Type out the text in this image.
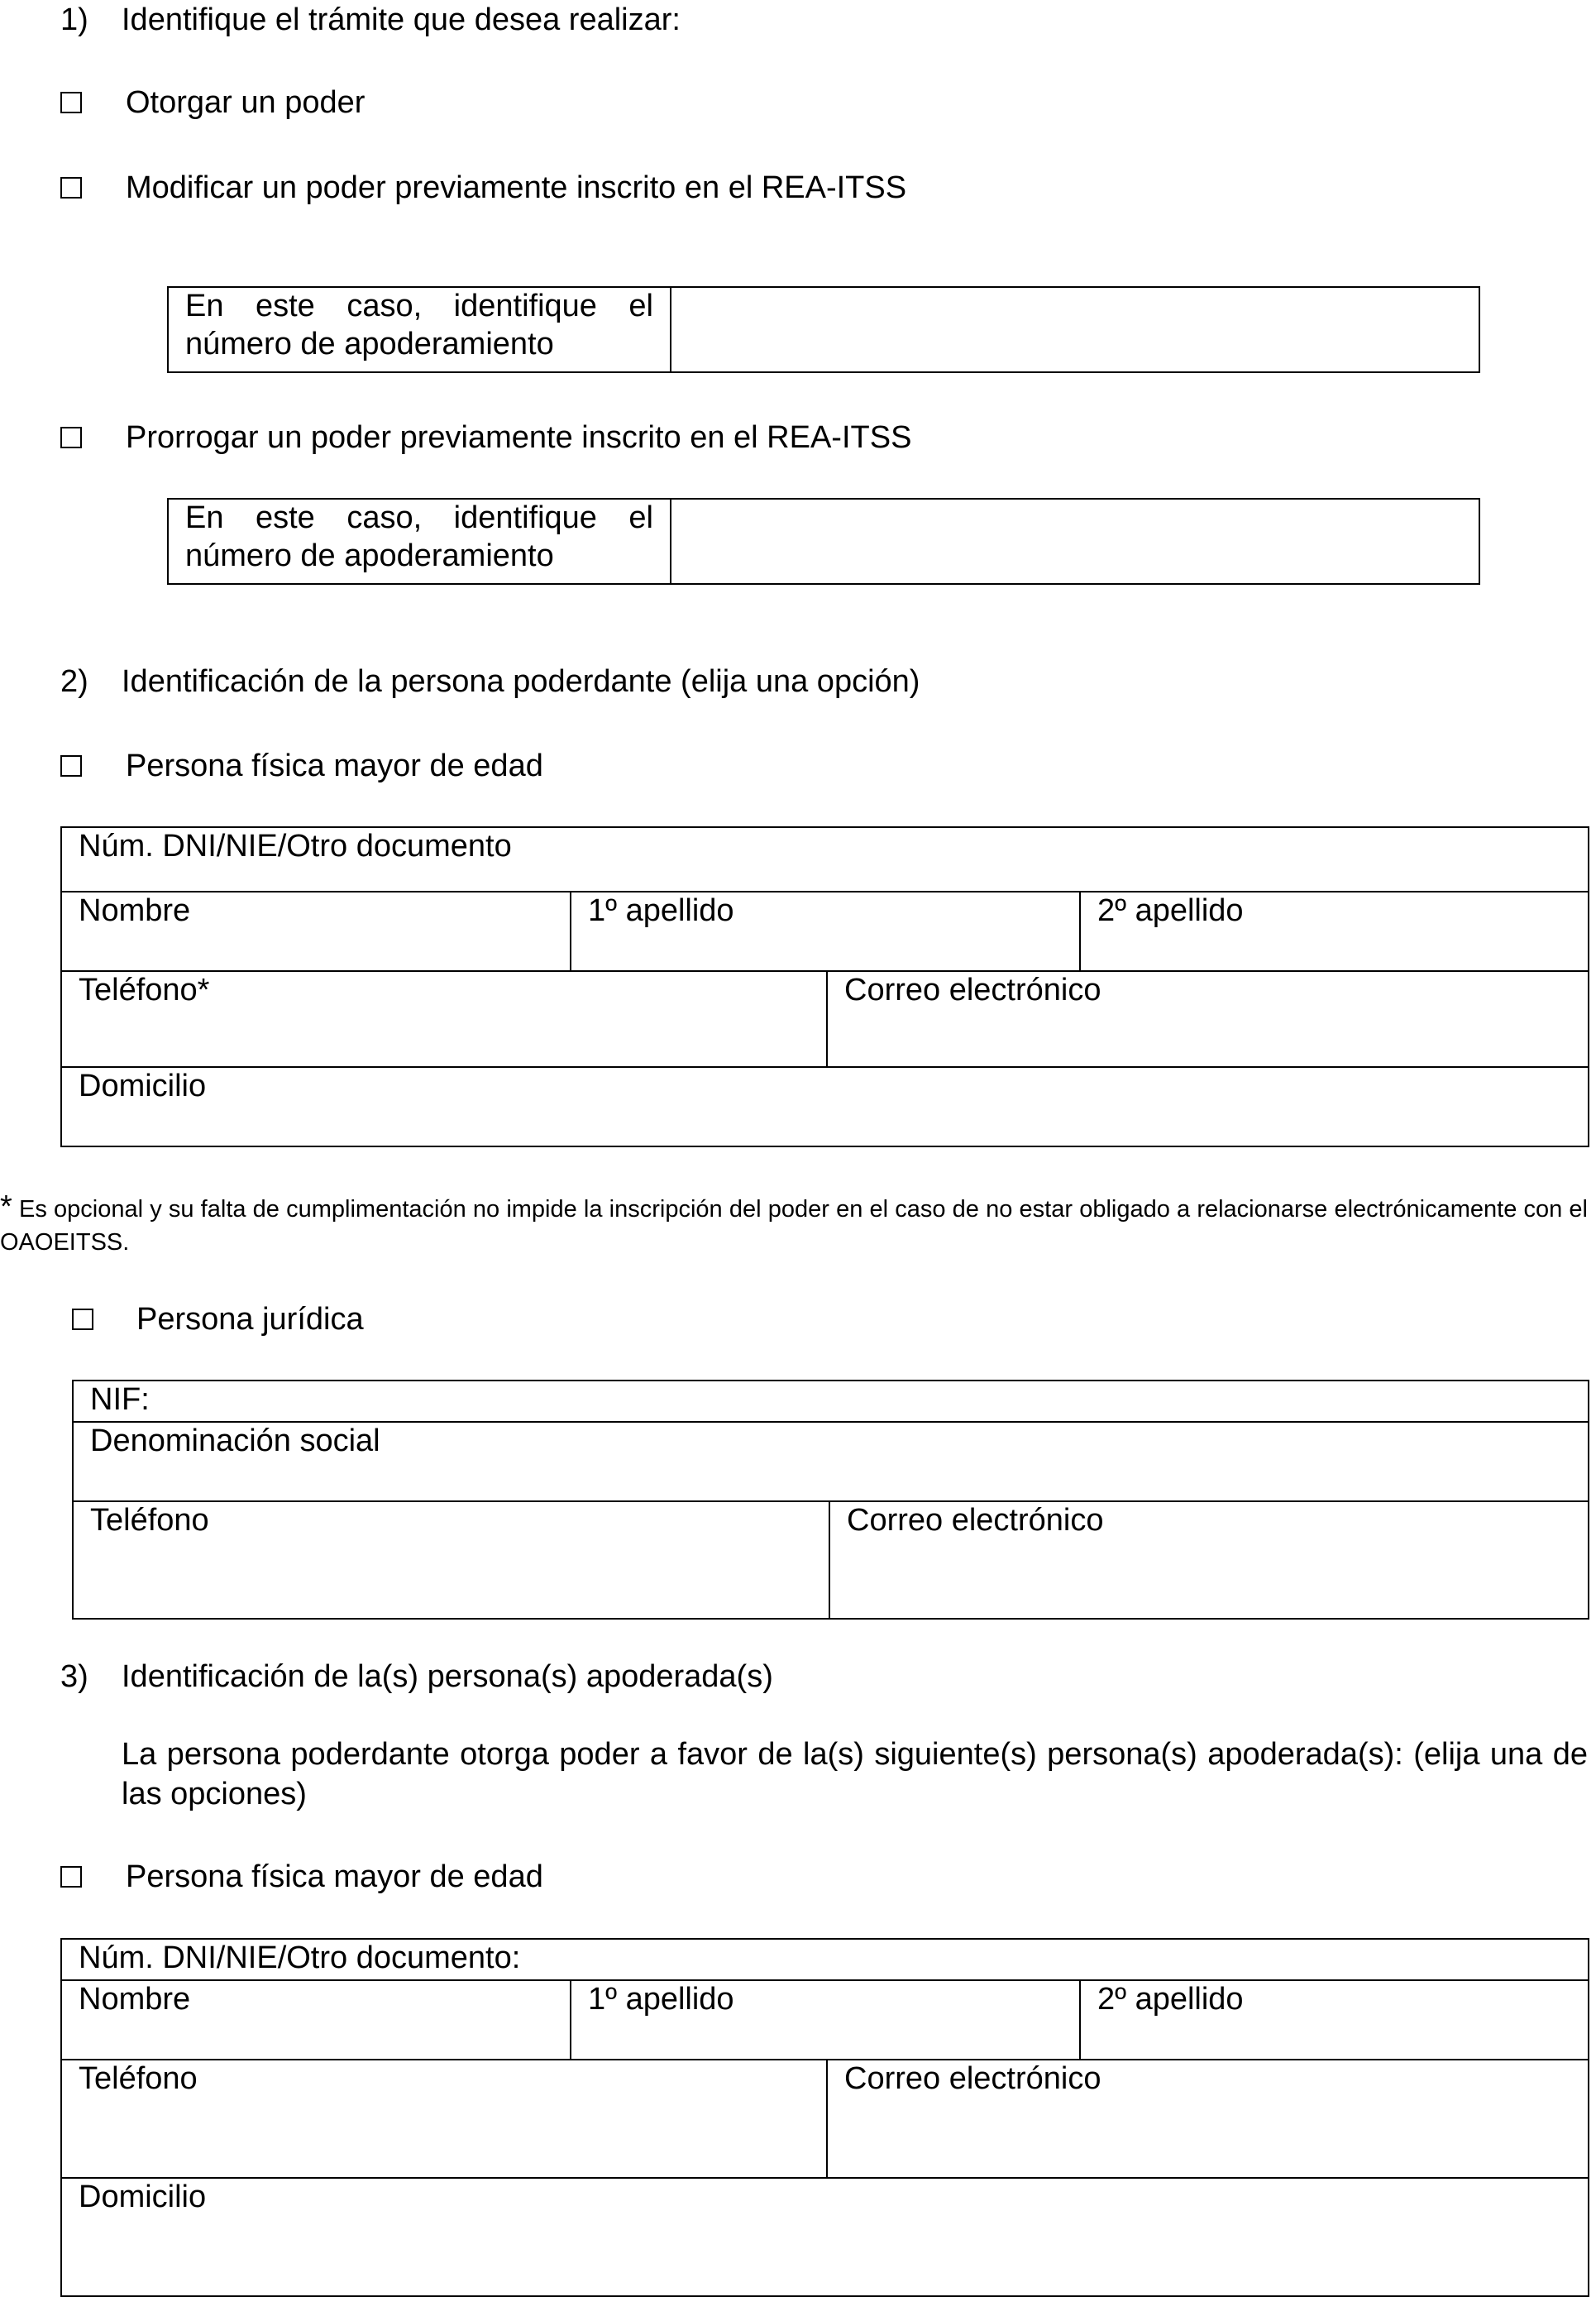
1) Identifique el trámite que desea realizar:
Otorgar un poder
Modificar un poder previamente inscrito en el REA-ITSS
En este caso, identifique el
número de apoderamiento

Prorrogar un poder previamente inscrito en el REA-ITSS
En este caso, identifique el
número de apoderamiento

2) Identificación de la persona poderdante (elija una opción)
Persona física mayor de edad
Núm. DNI/NIE/Otro documento			
Nombre	1º apellido		2º apellido
Teléfono*		Correo electrónico	
Domicilio			
* Es opcional y su falta de cumplimentación no impide la inscripción del poder en el caso de no estar obligado a relacionarse electrónicamente con el OAOEITSS.
Persona jurídica
NIF:
Denominación social
Teléfono	Correo electrónico
3) Identificación de la(s) persona(s) apoderada(s)
La persona poderdante otorga poder a favor de la(s) siguiente(s) persona(s) apoderada(s): (elija una de las opciones)
Persona física mayor de edad
Núm. DNI/NIE/Otro documento:			
Nombre	1º apellido		2º apellido
Teléfono		Correo electrónico	
Domicilio			
